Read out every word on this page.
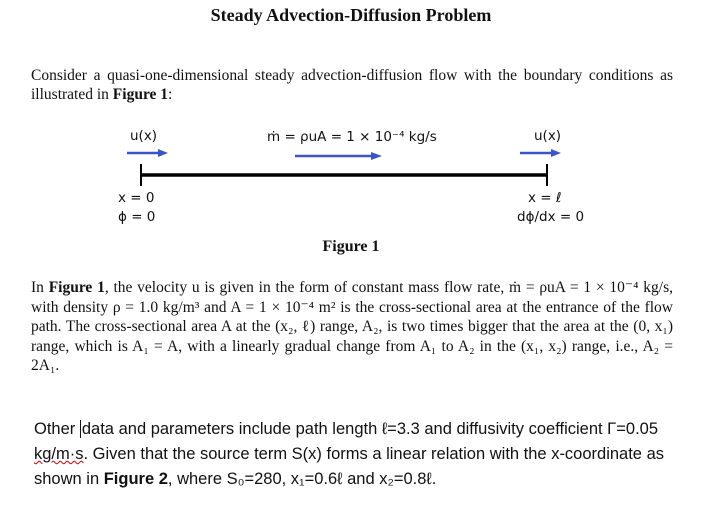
Steady Advection-Diffusion Problem
Consider a quasi-one-dimensional steady advection-diffusion flow with the boundary conditions as illustrated in Figure 1:
u(x)	ṁ = ρuA = 1 × 10⁻⁴ kg/s	u(x)
x = 0
ϕ = 0
x = ℓ
dϕ/dx = 0
Figure 1
In Figure 1, the velocity u is given in the form of constant mass flow rate, ṁ = ρuA = 1 × 10⁻⁴ kg/s, with density ρ = 1.0 kg/m³ and A = 1 × 10⁻⁴ m² is the cross-sectional area at the entrance of the flow path. The cross-sectional area A at the (x₂, ℓ) range, A₂, is two times bigger that the area at the (0, x₁) range, which is A₁ = A, with a linearly gradual change from A₁ to A₂ in the (x₁, x₂) range, i.e., A₂ = 2A₁.
Other data and parameters include path length ℓ=3.3 and diffusivity coefficient Γ=0.05 kg/m·s. Given that the source term S(x) forms a linear relation with the x-coordinate as shown in Figure 2, where S₀=280, x₁=0.6ℓ and x₂=0.8ℓ.
